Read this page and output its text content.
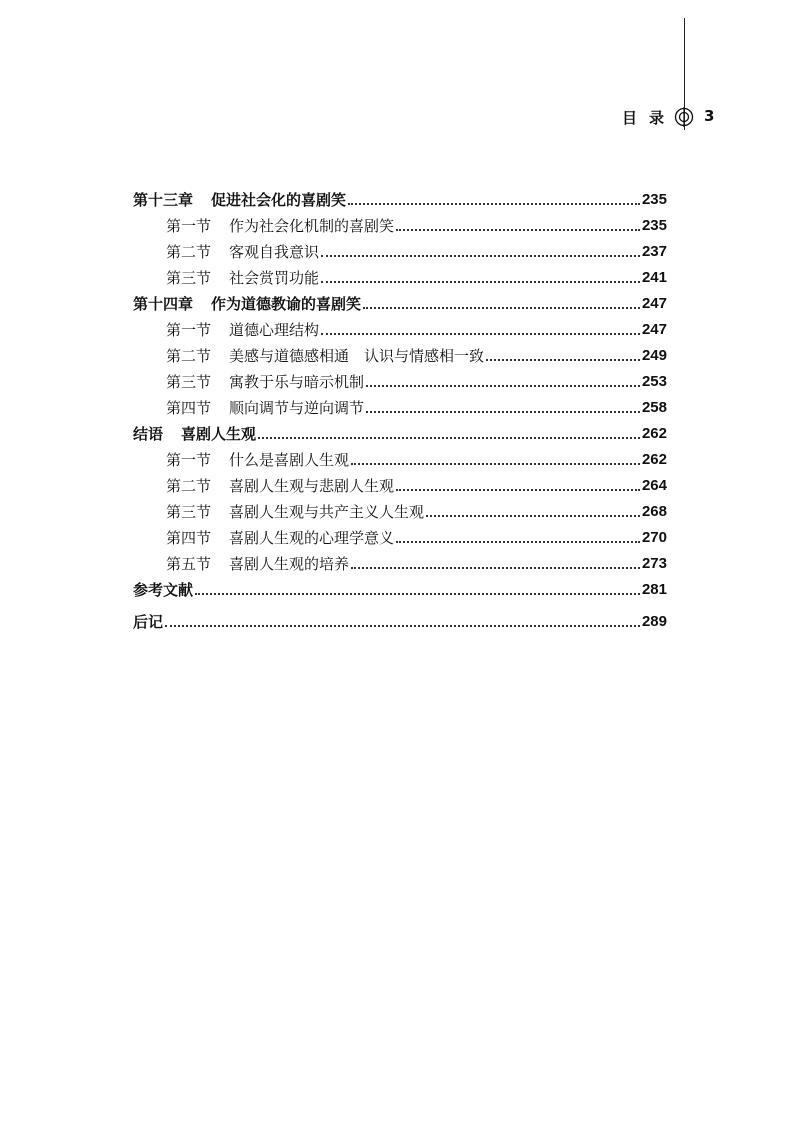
目录 3
第十三章 促进社会化的喜剧笑	235
第一节 作为社会化机制的喜剧笑	235
第二节 客观自我意识	237
第三节 社会赏罚功能	241
第十四章 作为道德教谕的喜剧笑	247
第一节 道德心理结构	247
第二节 美感与道德感相通　认识与情感相一致	249
第三节 寓教于乐与暗示机制	253
第四节 顺向调节与逆向调节	258
结语 喜剧人生观	262
第一节 什么是喜剧人生观	262
第二节 喜剧人生观与悲剧人生观	264
第三节 喜剧人生观与共产主义人生观	268
第四节 喜剧人生观的心理学意义	270
第五节 喜剧人生观的培养	273
参考文献	281
后记	289
